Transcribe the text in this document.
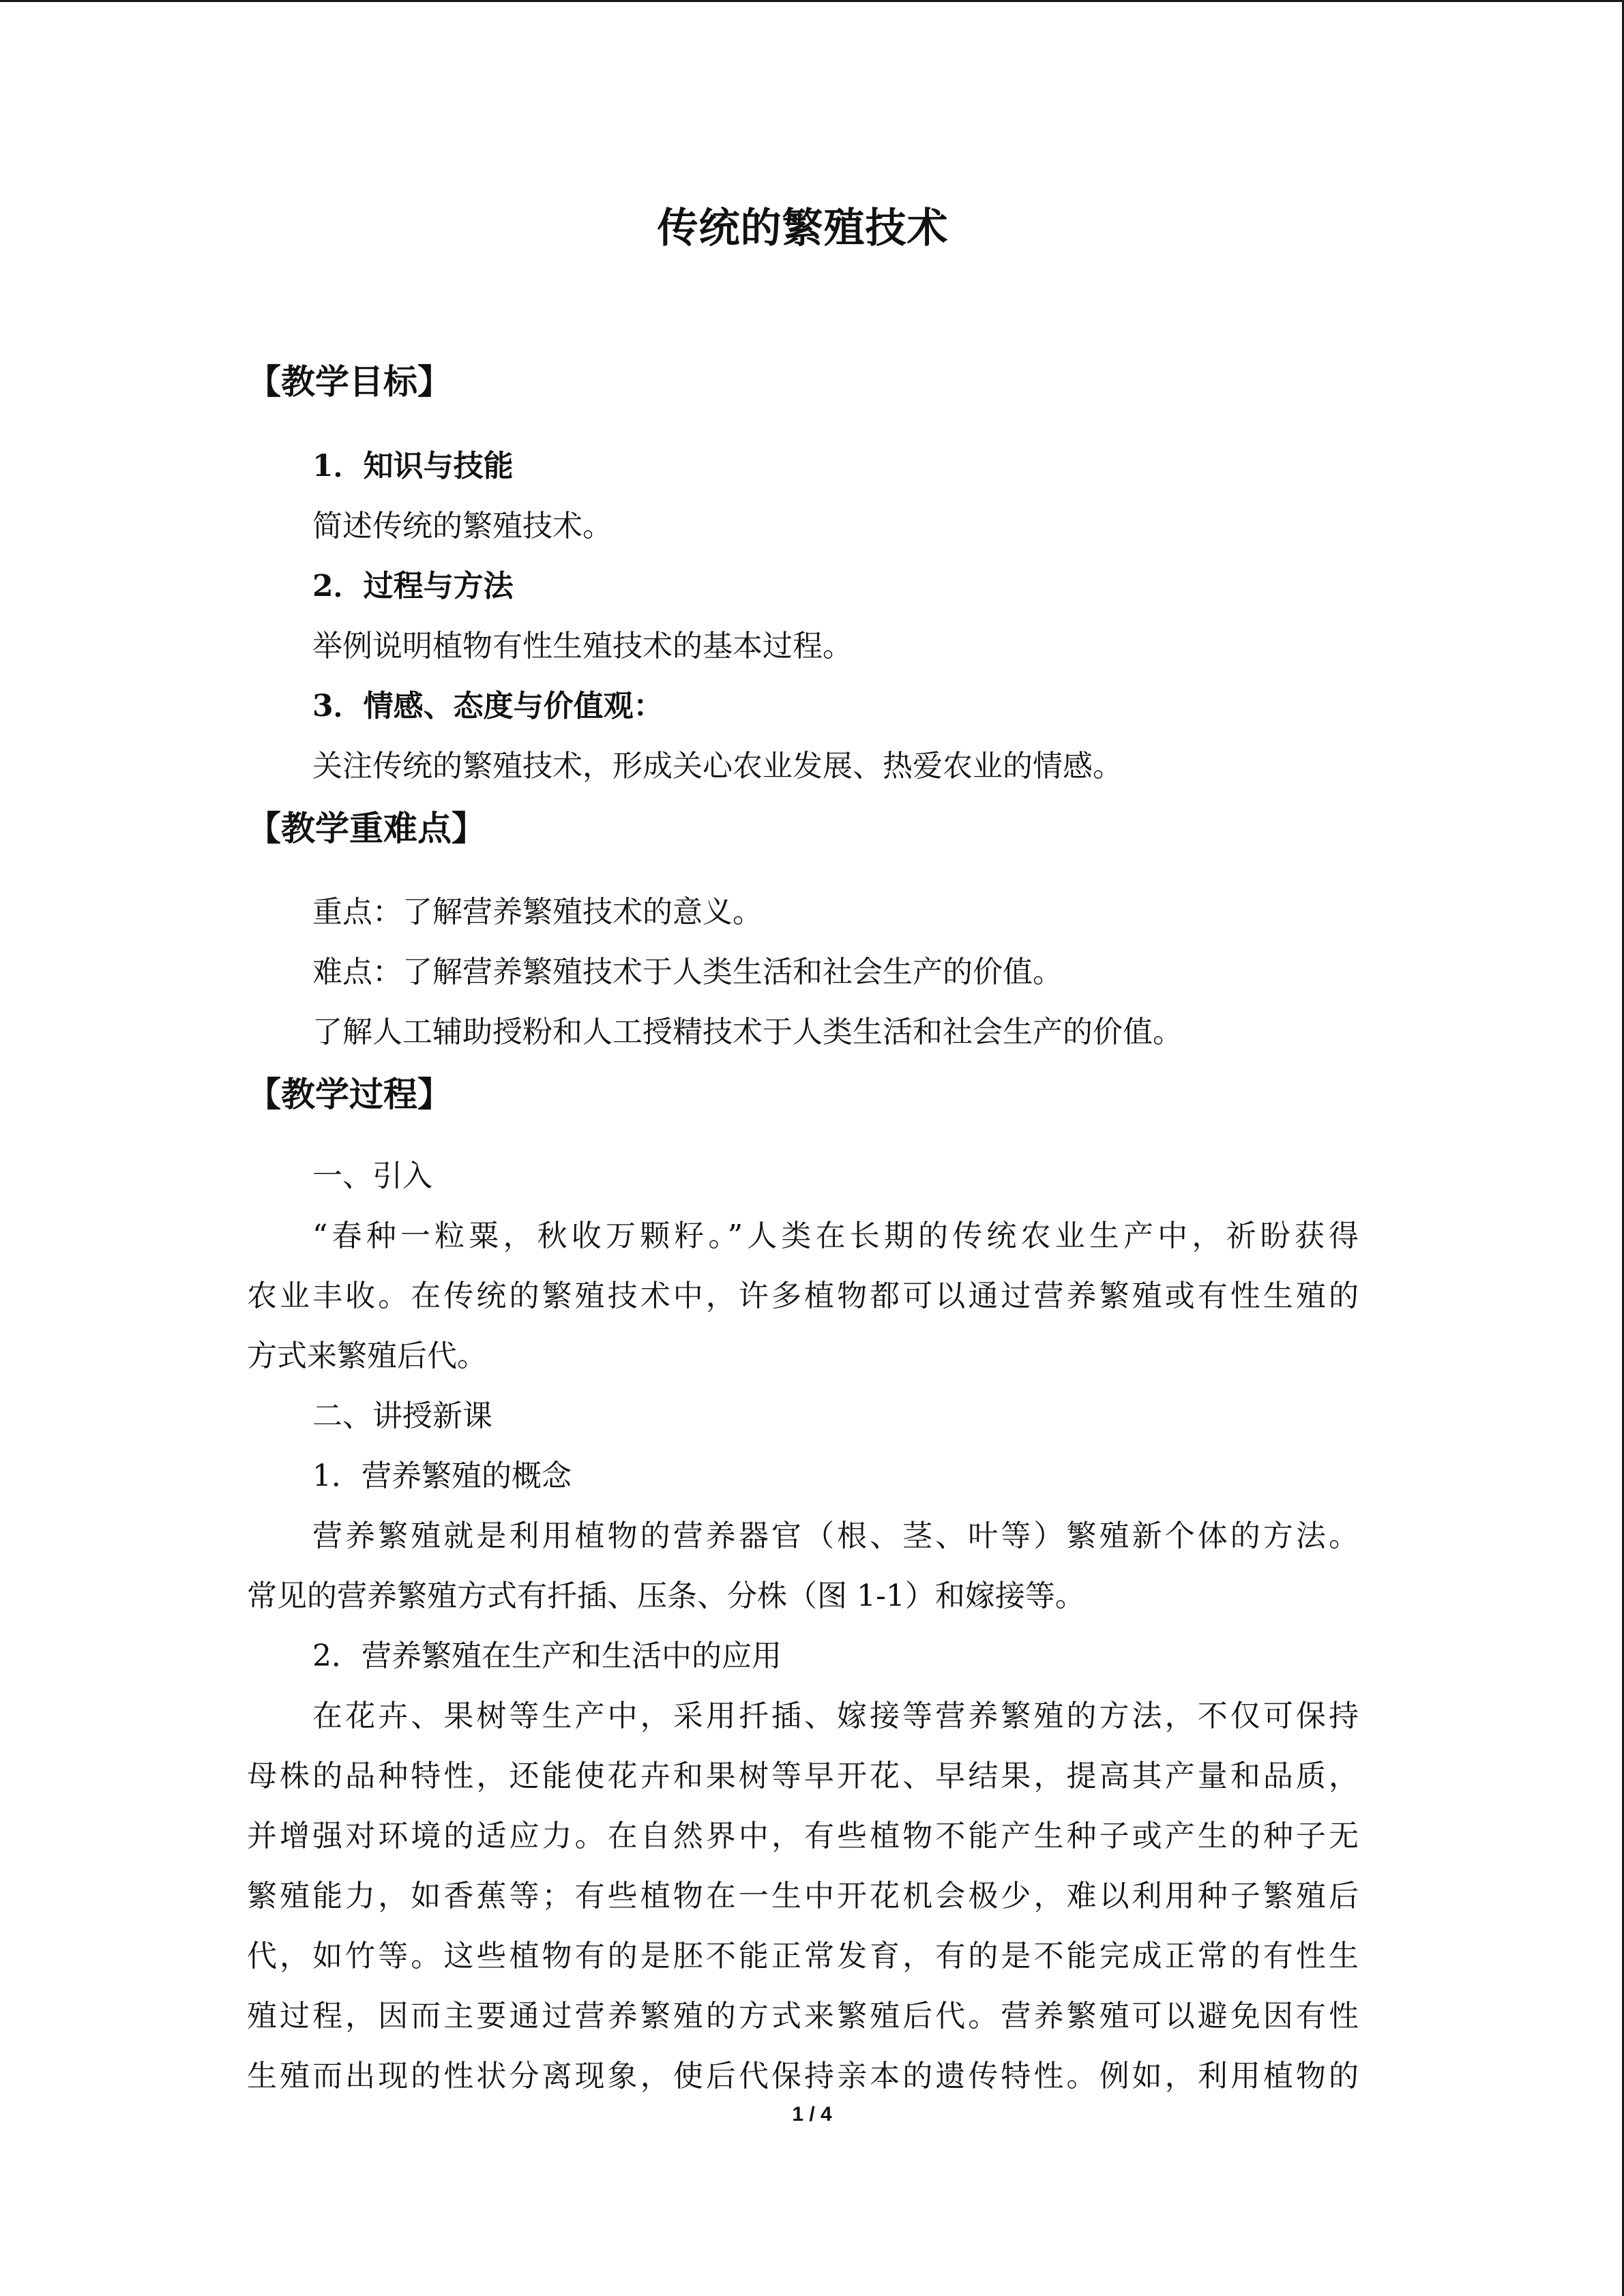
传统的繁殖技术
【教学目标】
1．知识与技能
简述传统的繁殖技术。
2．过程与方法
举例说明植物有性生殖技术的基本过程。
3．情感、态度与价值观：
关注传统的繁殖技术，形成关心农业发展、热爱农业的情感。
【教学重难点】
重点：了解营养繁殖技术的意义。
难点：了解营养繁殖技术于人类生活和社会生产的价值。
了解人工辅助授粉和人工授精技术于人类生活和社会生产的价值。
【教学过程】
一、引入
“春种一粒粟，秋收万颗籽。”人类在长期的传统农业生产中，祈盼获得
农业丰收。在传统的繁殖技术中，许多植物都可以通过营养繁殖或有性生殖的
方式来繁殖后代。
二、讲授新课
1．营养繁殖的概念
营养繁殖就是利用植物的营养器官（根、茎、叶等）繁殖新个体的方法。
常见的营养繁殖方式有扦插、压条、分株（图 1-1）和嫁接等。
2．营养繁殖在生产和生活中的应用
在花卉、果树等生产中，采用扦插、嫁接等营养繁殖的方法，不仅可保持
母株的品种特性，还能使花卉和果树等早开花、早结果，提高其产量和品质，
并增强对环境的适应力。在自然界中，有些植物不能产生种子或产生的种子无
繁殖能力，如香蕉等；有些植物在一生中开花机会极少，难以利用种子繁殖后
代，如竹等。这些植物有的是胚不能正常发育，有的是不能完成正常的有性生
殖过程，因而主要通过营养繁殖的方式来繁殖后代。营养繁殖可以避免因有性
生殖而出现的性状分离现象，使后代保持亲本的遗传特性。例如，利用植物的
1 / 4
